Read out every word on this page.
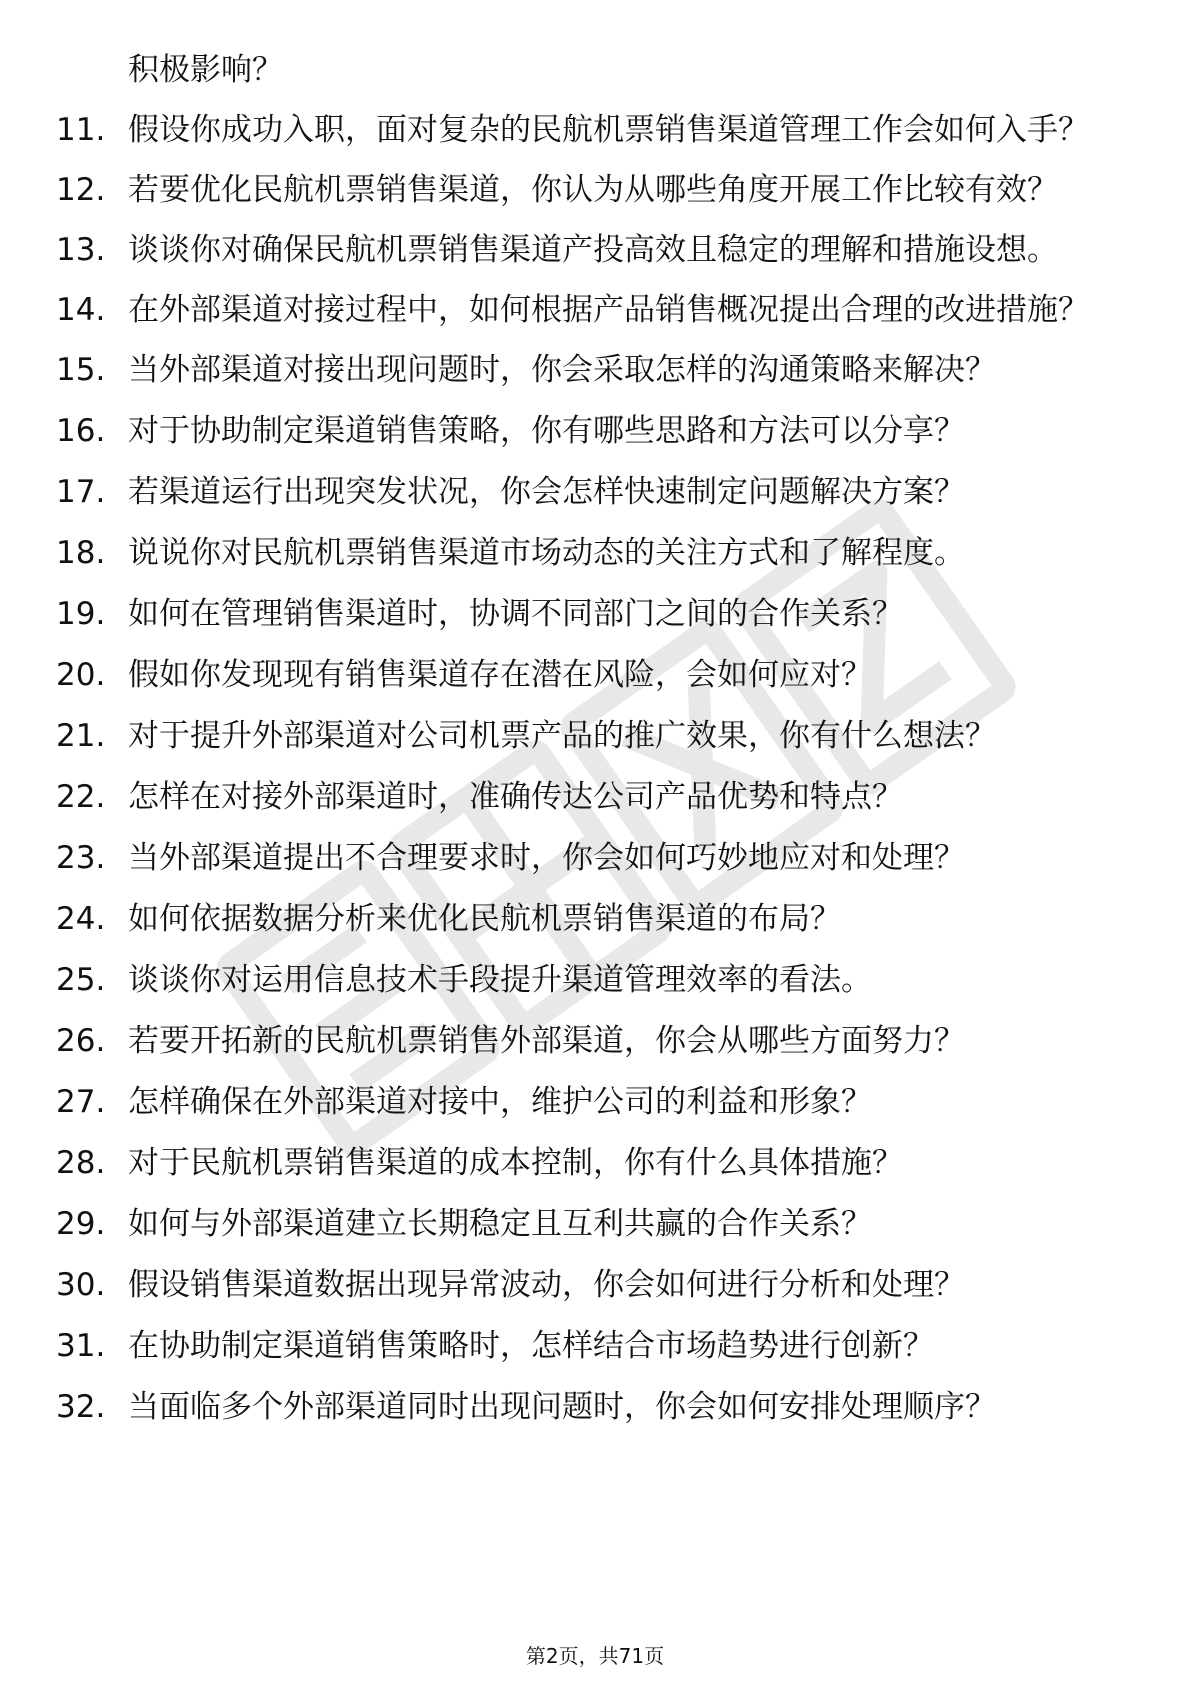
积极影响？
11. 假设你成功入职，面对复杂的民航机票销售渠道管理工作会如何入手？
12. 若要优化民航机票销售渠道，你认为从哪些角度开展工作比较有效？
13. 谈谈你对确保民航机票销售渠道产投高效且稳定的理解和措施设想。
14. 在外部渠道对接过程中，如何根据产品销售概况提出合理的改进措施？
15. 当外部渠道对接出现问题时，你会采取怎样的沟通策略来解决？
16. 对于协助制定渠道销售策略，你有哪些思路和方法可以分享？
17. 若渠道运行出现突发状况，你会怎样快速制定问题解决方案？
18. 说说你对民航机票销售渠道市场动态的关注方式和了解程度。
19. 如何在管理销售渠道时，协调不同部门之间的合作关系？
20. 假如你发现现有销售渠道存在潜在风险，会如何应对？
21. 对于提升外部渠道对公司机票产品的推广效果，你有什么想法？
22. 怎样在对接外部渠道时，准确传达公司产品优势和特点？
23. 当外部渠道提出不合理要求时，你会如何巧妙地应对和处理？
24. 如何依据数据分析来优化民航机票销售渠道的布局？
25. 谈谈你对运用信息技术手段提升渠道管理效率的看法。
26. 若要开拓新的民航机票销售外部渠道，你会从哪些方面努力？
27. 怎样确保在外部渠道对接中，维护公司的利益和形象？
28. 对于民航机票销售渠道的成本控制，你有什么具体措施？
29. 如何与外部渠道建立长期稳定且互利共赢的合作关系？
30. 假设销售渠道数据出现异常波动，你会如何进行分析和处理？
31. 在协助制定渠道销售策略时，怎样结合市场趋势进行创新？
32. 当面临多个外部渠道同时出现问题时，你会如何安排处理顺序？
第2页，共71页
